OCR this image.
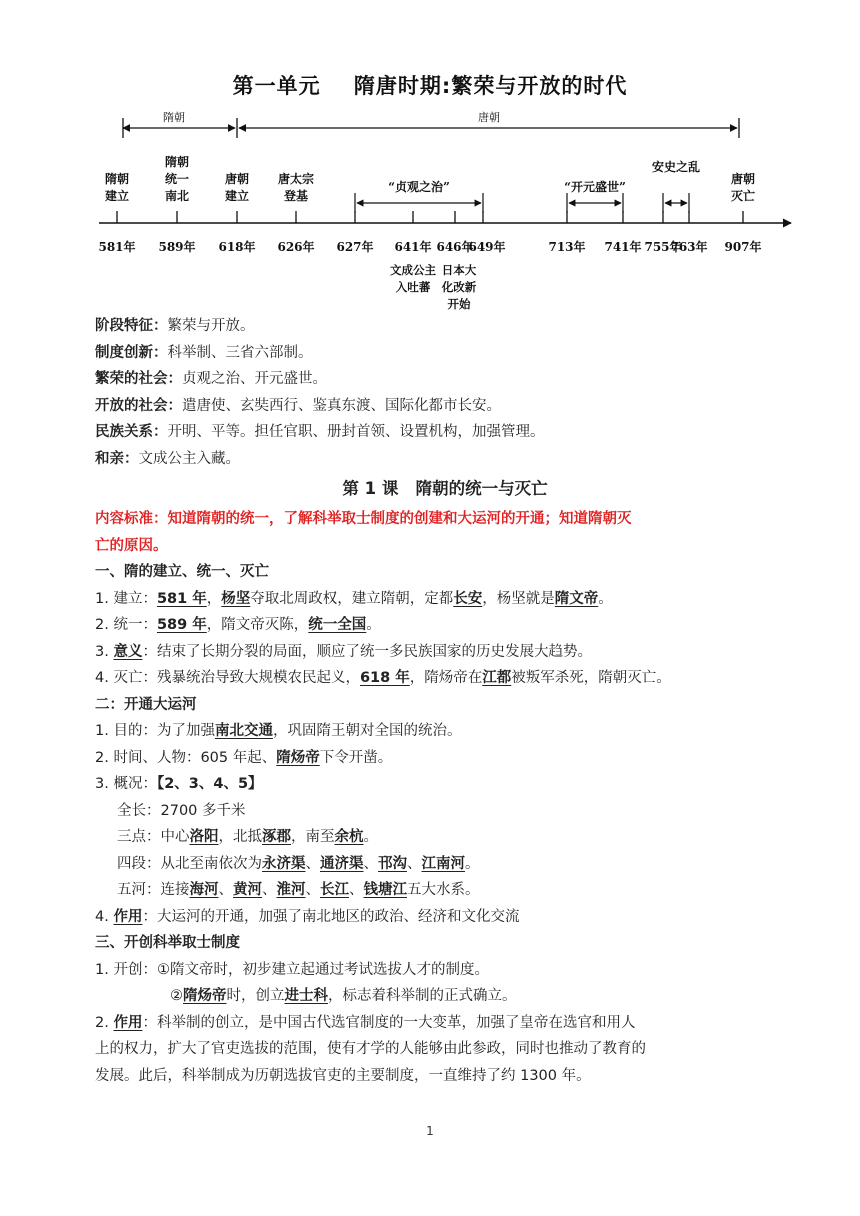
第一单元    隋唐时期:繁荣与开放的时代
隋朝	唐朝
隋朝建立
581年
隋朝统一南北
589年
唐朝建立
618年
唐太宗登基
626年
唐朝灭亡
907年
“贞观之治”
627年	649年
“开元盛世”
713年 741年
安史之乱
755年
763年
641年
文成公主入吐蕃
646年
日本大化改新开始
阶段特征：繁荣与开放。
制度创新：科举制、三省六部制。
繁荣的社会：贞观之治、开元盛世。
开放的社会：遣唐使、玄奘西行、鉴真东渡、国际化都市长安。
民族关系：开明、平等。担任官职、册封首领、设置机构，加强管理。
和亲：文成公主入藏。
第 1 课   隋朝的统一与灭亡
内容标准：知道隋朝的统一，了解科举取士制度的创建和大运河的开通；知道隋朝灭
亡的原因。
一、隋的建立、统一、灭亡
1. 建立：581 年，杨坚夺取北周政权，建立隋朝，定都长安，杨坚就是隋文帝。
2. 统一：589 年，隋文帝灭陈，统一全国。
3. 意义：结束了长期分裂的局面，顺应了统一多民族国家的历史发展大趋势。
4. 灭亡：残暴统治导致大规模农民起义，618 年，隋炀帝在江都被叛军杀死，隋朝灭亡。
二：开通大运河
1. 目的：为了加强南北交通，巩固隋王朝对全国的统治。
2. 时间、人物：605 年起、隋炀帝下令开凿。
3. 概况：【2、3、4、5】
全长：2700 多千米
三点：中心洛阳，北抵涿郡，南至余杭。
四段：从北至南依次为永济渠、通济渠、邗沟、江南河。
五河：连接海河、黄河、淮河、长江、钱塘江五大水系。
4. 作用：大运河的开通，加强了南北地区的政治、经济和文化交流
三、开创科举取士制度
1. 开创：①隋文帝时，初步建立起通过考试选拔人才的制度。
②隋炀帝时，创立进士科，标志着科举制的正式确立。
2. 作用：科举制的创立，是中国古代选官制度的一大变革，加强了皇帝在选官和用人
上的权力，扩大了官吏选拔的范围，使有才学的人能够由此参政，同时也推动了教育的
发展。此后，科举制成为历朝选拔官吏的主要制度，一直维持了约 1300 年。
1
